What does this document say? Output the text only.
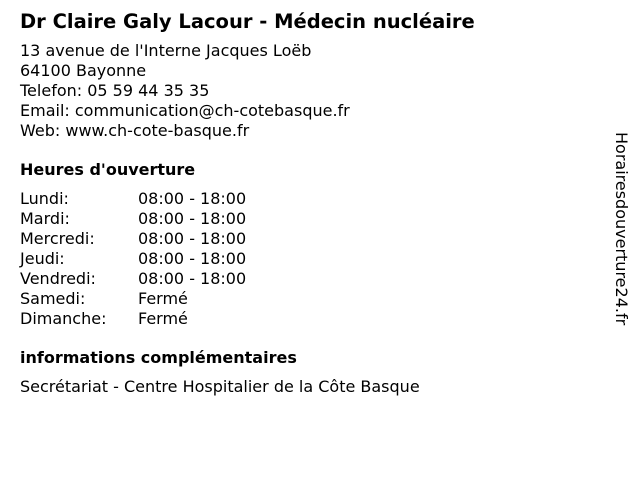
Dr Claire Galy Lacour - Médecin nucléaire
13 avenue de l'Interne Jacques Loëb
64100 Bayonne
Telefon: 05 59 44 35 35
Email: communication@ch-cotebasque.fr
Web: www.ch-cote-basque.fr
Heures d'ouverture
Lundi:	08:00 - 18:00
Mardi:	08:00 - 18:00
Mercredi:	08:00 - 18:00
Jeudi:	08:00 - 18:00
Vendredi:	08:00 - 18:00
Samedi:	Fermé
Dimanche:	Fermé
informations complémentaires
Secrétariat - Centre Hospitalier de la Côte Basque
Horairesdouverture24.fr
